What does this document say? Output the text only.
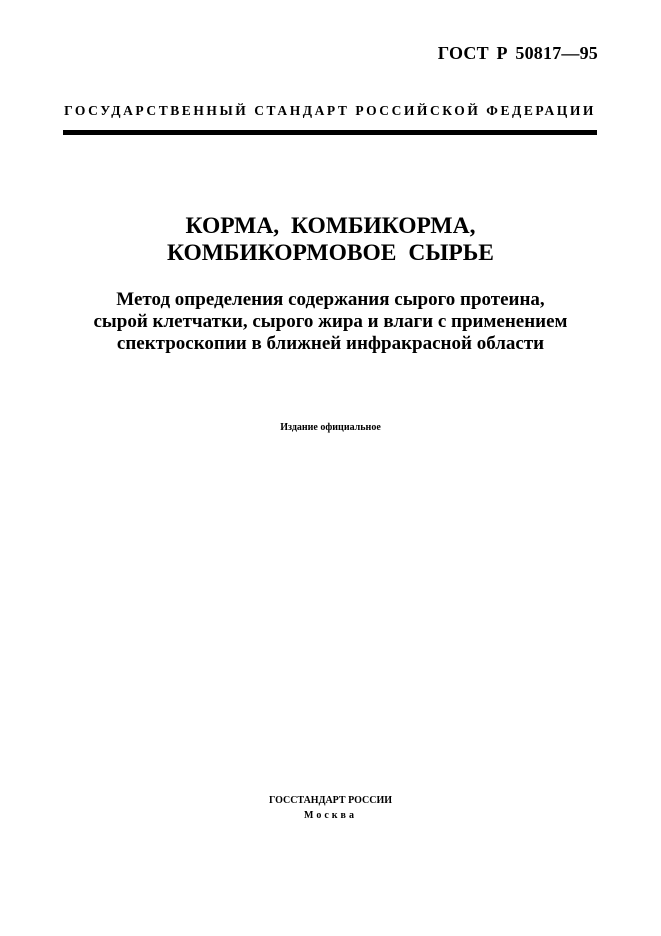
ГОСТ Р 50817—95
ГОСУДАРСТВЕННЫЙ СТАНДАРТ РОССИЙСКОЙ ФЕДЕРАЦИИ
КОРМА, КОМБИКОРМА,
КОМБИКОРМОВОЕ СЫРЬЕ
Метод определения содержания сырого протеина,
сырой клетчатки, сырого жира и влаги с применением
спектроскопии в ближней инфракрасной области
Издание официальное
ГОССТАНДАРТ РОССИИ
Москва
